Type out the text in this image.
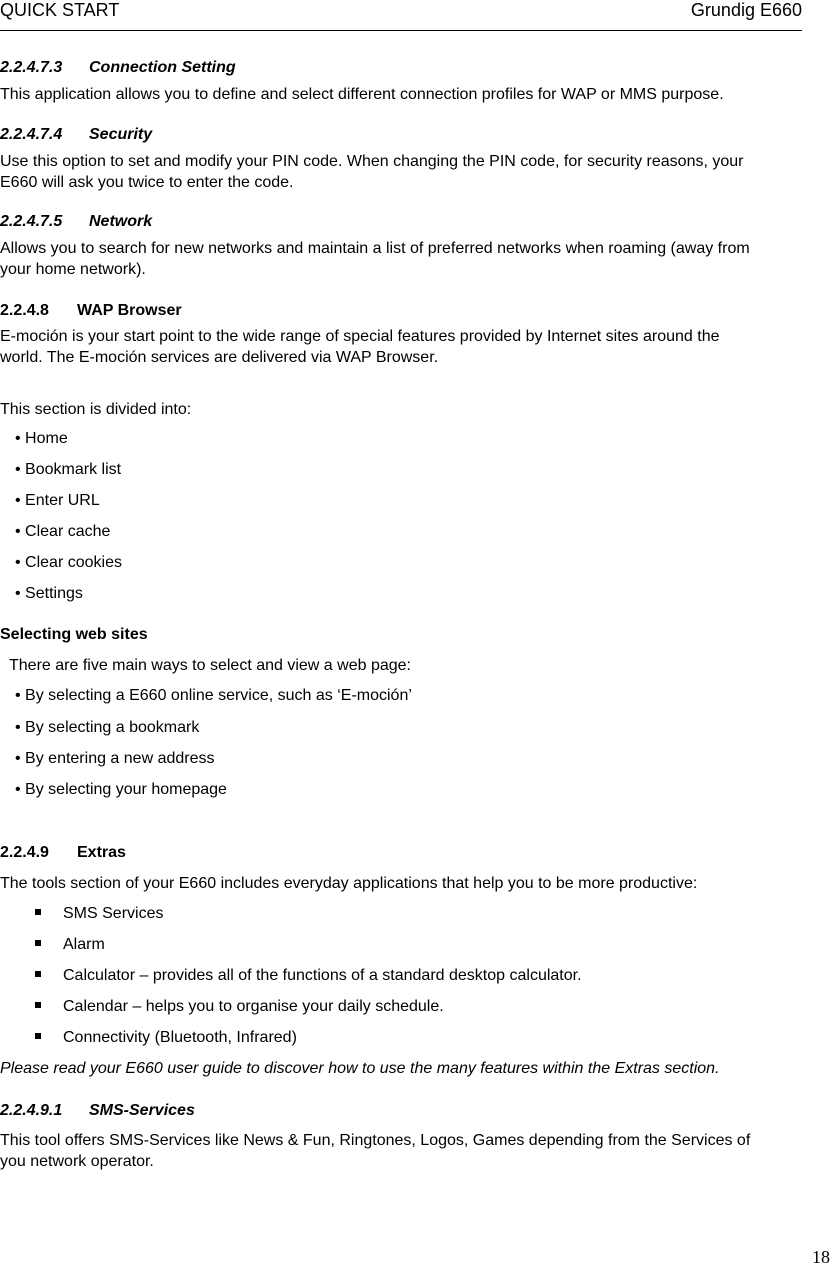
QUICK START	Grundig E660
2.2.4.7.3 Connection Setting
This application allows you to define and select different connection profiles for WAP or MMS purpose.
2.2.4.7.4 Security
Use this option to set and modify your PIN code. When changing the PIN code, for security reasons, your
E660 will ask you twice to enter the code.
2.2.4.7.5 Network
Allows you to search for new networks and maintain a list of preferred networks when roaming (away from
your home network).
2.2.4.8 WAP Browser
E-moción is your start point to the wide range of special features provided by Internet sites around the
world. The E-moción services are delivered via WAP Browser.
This section is divided into:
• Home
• Bookmark list
• Enter URL
• Clear cache
• Clear cookies
• Settings
Selecting web sites
There are five main ways to select and view a web page:
• By selecting a E660 online service, such as ‘E-moción’
• By selecting a bookmark
• By entering a new address
• By selecting your homepage
2.2.4.9 Extras
The tools section of your E660 includes everyday applications that help you to be more productive:
SMS Services
Alarm
Calculator – provides all of the functions of a standard desktop calculator.
Calendar – helps you to organise your daily schedule.
Connectivity (Bluetooth, Infrared)
Please read your E660 user guide to discover how to use the many features within the Extras section.
2.2.4.9.1 SMS-Services
This tool offers SMS-Services like News & Fun, Ringtones, Logos, Games depending from the Services of
you network operator.
18
